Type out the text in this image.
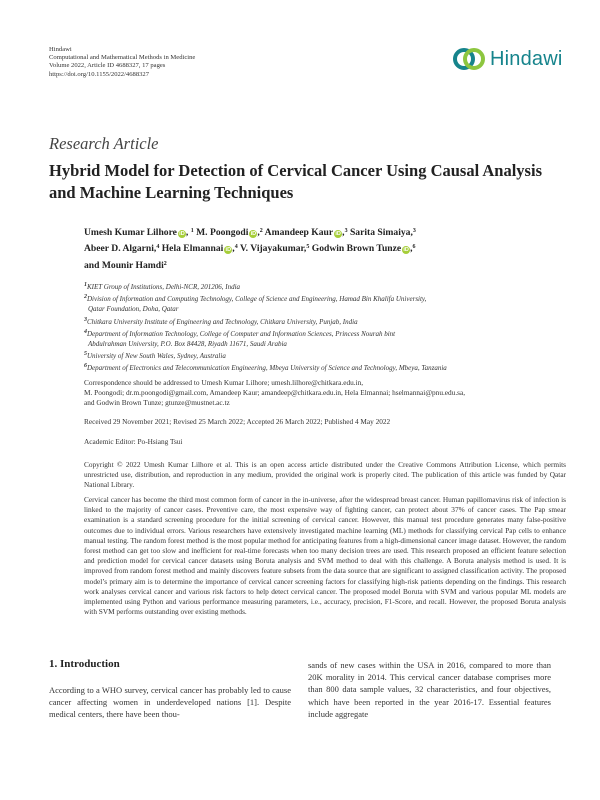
Hindawi
Computational and Mathematical Methods in Medicine
Volume 2022, Article ID 4688327, 17 pages
https://doi.org/10.1155/2022/4688327
Hindawi
Research Article
Hybrid Model for Detection of Cervical Cancer Using Causal Analysis and Machine Learning Techniques
Umesh Kumar Lilhore iD, $^1$ M. Poongodi iD,$^2$ Amandeep Kaur iD,$^3$ Sarita Simaiya,$^3$
Abeer D. Algarni,$^4$ Hela Elmannai iD,$^4$ V. Vijayakumar,$^5$ Godwin Brown Tunze iD,$^6$
and Mounir Hamdi$^2$
1KIET Group of Institutions, Delhi-NCR, 201206, India
2Division of Information and Computing Technology, College of Science and Engineering, Hamad Bin Khalifa University,
Qatar Foundation, Doha, Qatar
3Chitkara University Institute of Engineering and Technology, Chitkara University, Punjab, India
4Department of Information Technology, College of Computer and Information Sciences, Princess Nourah bint
Abdulrahman University, P.O. Box 84428, Riyadh 11671, Saudi Arabia
5University of New South Wales, Sydney, Australia
6Department of Electronics and Telecommunication Engineering, Mbeya University of Science and Technology, Mbeya, Tanzania
Correspondence should be addressed to Umesh Kumar Lilhore; umesh.lilhore@chitkara.edu.in,
M. Poongodi; dr.m.poongodi@gmail.com, Amandeep Kaur; amandeep@chitkara.edu.in, Hela Elmannai; hselmannai@pnu.edu.sa,
and Godwin Brown Tunze; gtunze@mustnet.ac.tz
Received 29 November 2021; Revised 25 March 2022; Accepted 26 March 2022; Published 4 May 2022
Academic Editor: Po-Hsiang Tsui
Copyright © 2022 Umesh Kumar Lilhore et al. This is an open access article distributed under the Creative Commons Attribution License, which permits unrestricted use, distribution, and reproduction in any medium, provided the original work is properly cited. The publication of this article was funded by Qatar National Library.
Cervical cancer has become the third most common form of cancer in the in-universe, after the widespread breast cancer. Human papillomavirus risk of infection is linked to the majority of cancer cases. Preventive care, the most expensive way of fighting cancer, can protect about 37% of cancer cases. The Pap smear examination is a standard screening procedure for the initial screening of cervical cancer. However, this manual test procedure generates many false-positive outcomes due to individual errors. Various researchers have extensively investigated machine learning (ML) methods for classifying cervical Pap cells to enhance manual testing. The random forest method is the most popular method for anticipating features from a high-dimensional cancer image dataset. However, the random forest method can get too slow and inefficient for real-time forecasts when too many decision trees are used. This research proposed an efficient feature selection and prediction model for cervical cancer datasets using Boruta analysis and SVM method to deal with this challenge. A Boruta analysis method is used. It is improved from random forest method and mainly discovers feature subsets from the data source that are significant to assigned classification activity. The proposed model’s primary aim is to determine the importance of cervical cancer screening factors for classifying high-risk patients depending on the findings. This research work analyses cervical cancer and various risk factors to help detect cervical cancer. The proposed model Boruta with SVM and various popular ML models are implemented using Python and various performance measuring parameters, i.e., accuracy, precision, F1-Score, and recall. However, the proposed Boruta analysis with SVM performs outstanding over existing methods.
1. Introduction
According to a WHO survey, cervical cancer has probably led to cause cancer affecting women in underdeveloped nations [1]. Despite medical centers, there have been thou-
sands of new cases within the USA in 2016, compared to more than 20K morality in 2014. This cervical cancer database comprises more than 800 data sample values, 32 characteristics, and four objectives, which have been reported in the year 2016-17. Essential features include aggregate
